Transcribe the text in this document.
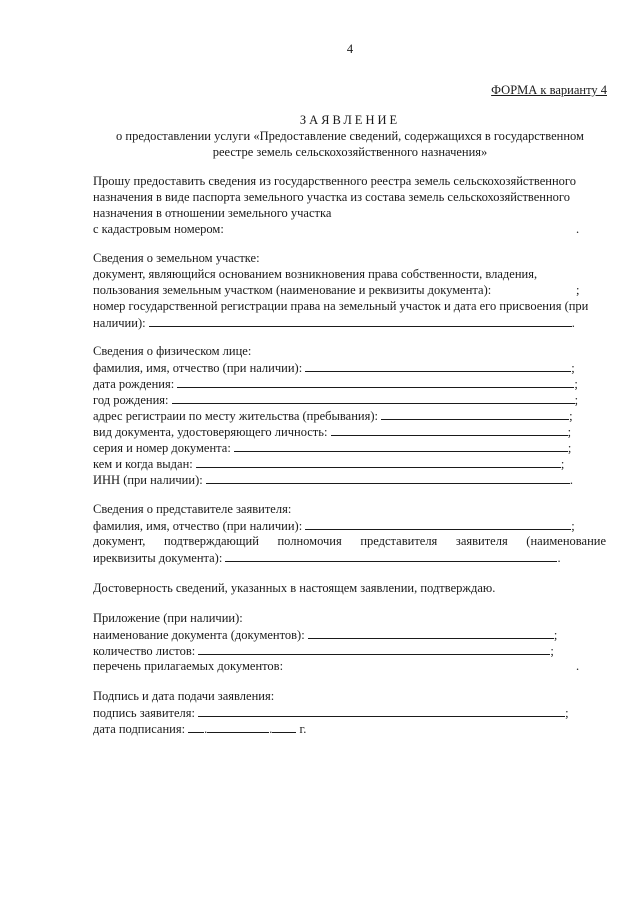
4
ФОРМА к варианту 4
ЗАЯВЛЕНИЕ
о предоставлении услуги «Предоставление сведений, содержащихся в государственном
реестре земель сельскохозяйственного назначения»
Прошу предоставить сведения из государственного реестра земель сельскохозяйственного
назначения в виде паспорта земельного участка из состава земель сельскохозяйственного
назначения в отношении земельного участка
с кадастровым номером:	.
Сведения о земельном участке:
документ, являющийся основанием возникновения права собственности, владения,
пользования земельным участком (наименование и реквизиты документа):	;
номер государственной регистрации права на земельный участок и дата его присвоения (при
наличии):	.
Сведения о физическом лице:
фамилия, имя, отчество (при наличии):	;
дата рождения:	;
год рождения:	;
адрес регистраии по месту жительства (пребывания):	;
вид документа, удостоверяющего личность:	;
серия и номер документа:	;
кем и когда выдан:	;
ИНН (при наличии):	.
Сведения о представителе заявителя:
фамилия, имя, отчество (при наличии):	;
документ, подтверждающий полномочия представителя заявителя (наименование
иреквизиты документа):	.
Достоверность сведений, указанных в настоящем заявлении, подтверждаю.
Приложение (при наличии):
наименование документа (документов):	;
количество листов:	;
перечень прилагаемых документов:	.
Подпись и дата подачи заявления:
подпись заявителя:	;
дата подписания: .	. г.
